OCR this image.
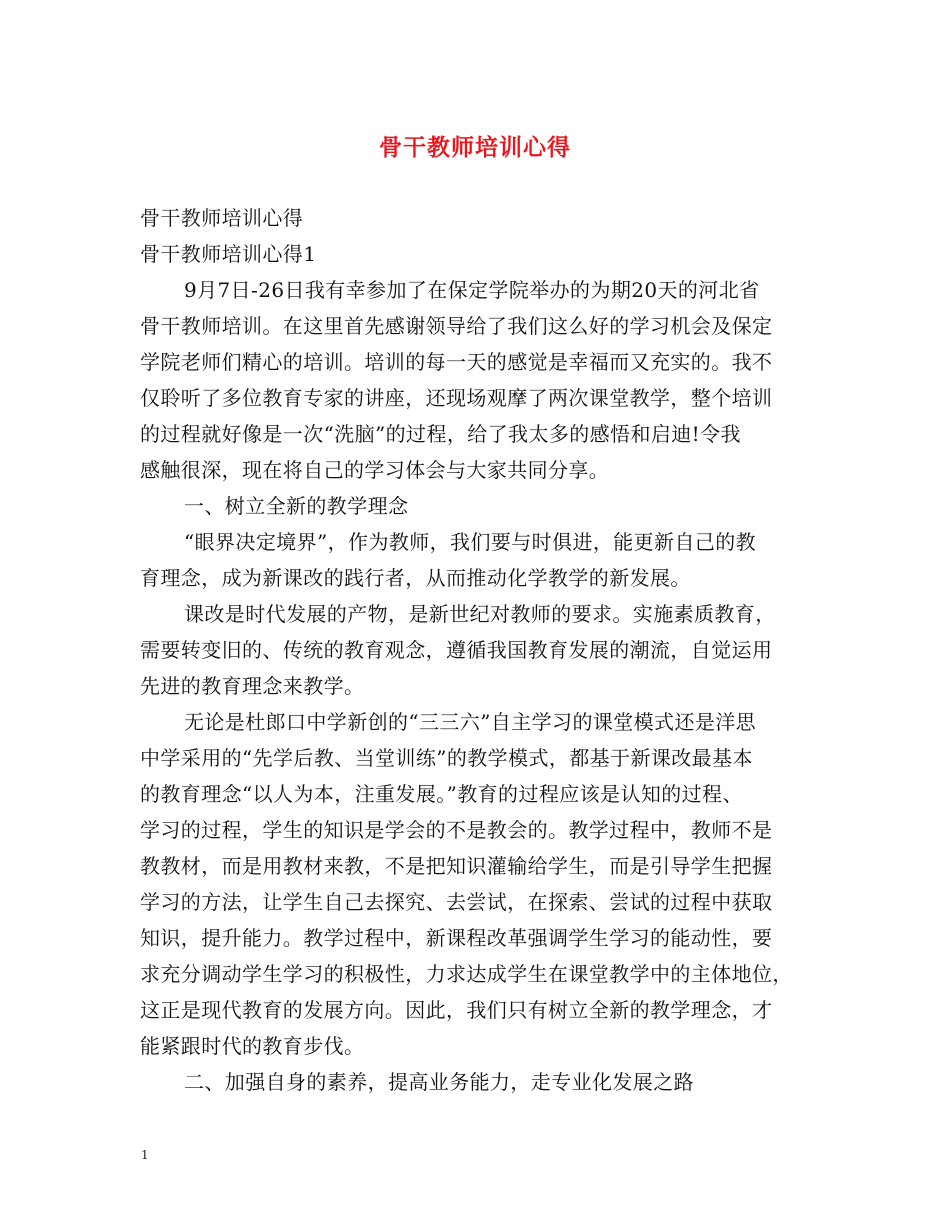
骨干教师培训心得
骨干教师培训心得
骨干教师培训心得1
9月7日-26日我有幸参加了在保定学院举办的为期20天的河北省
骨干教师培训。在这里首先感谢领导给了我们这么好的学习机会及保定
学院老师们精心的培训。培训的每一天的感觉是幸福而又充实的。我不
仅聆听了多位教育专家的讲座，还现场观摩了两次课堂教学，整个培训
的过程就好像是一次“洗脑”的过程，给了我太多的感悟和启迪!令我
感触很深，现在将自己的学习体会与大家共同分享。
一、树立全新的教学理念
“眼界决定境界”，作为教师，我们要与时俱进，能更新自己的教
育理念，成为新课改的践行者，从而推动化学教学的新发展。
课改是时代发展的产物，是新世纪对教师的要求。实施素质教育，
需要转变旧的、传统的教育观念，遵循我国教育发展的潮流，自觉运用
先进的教育理念来教学。
无论是杜郎口中学新创的“三三六”自主学习的课堂模式还是洋思
中学采用的“先学后教、当堂训练”的教学模式，都基于新课改最基本
的教育理念“以人为本，注重发展。”教育的过程应该是认知的过程、
学习的过程，学生的知识是学会的不是教会的。教学过程中，教师不是
教教材，而是用教材来教，不是把知识灌输给学生，而是引导学生把握
学习的方法，让学生自己去探究、去尝试，在探索、尝试的过程中获取
知识，提升能力。教学过程中，新课程改革强调学生学习的能动性，要
求充分调动学生学习的积极性，力求达成学生在课堂教学中的主体地位，
这正是现代教育的发展方向。因此，我们只有树立全新的教学理念，才
能紧跟时代的教育步伐。
二、加强自身的素养，提高业务能力，走专业化发展之路
1
